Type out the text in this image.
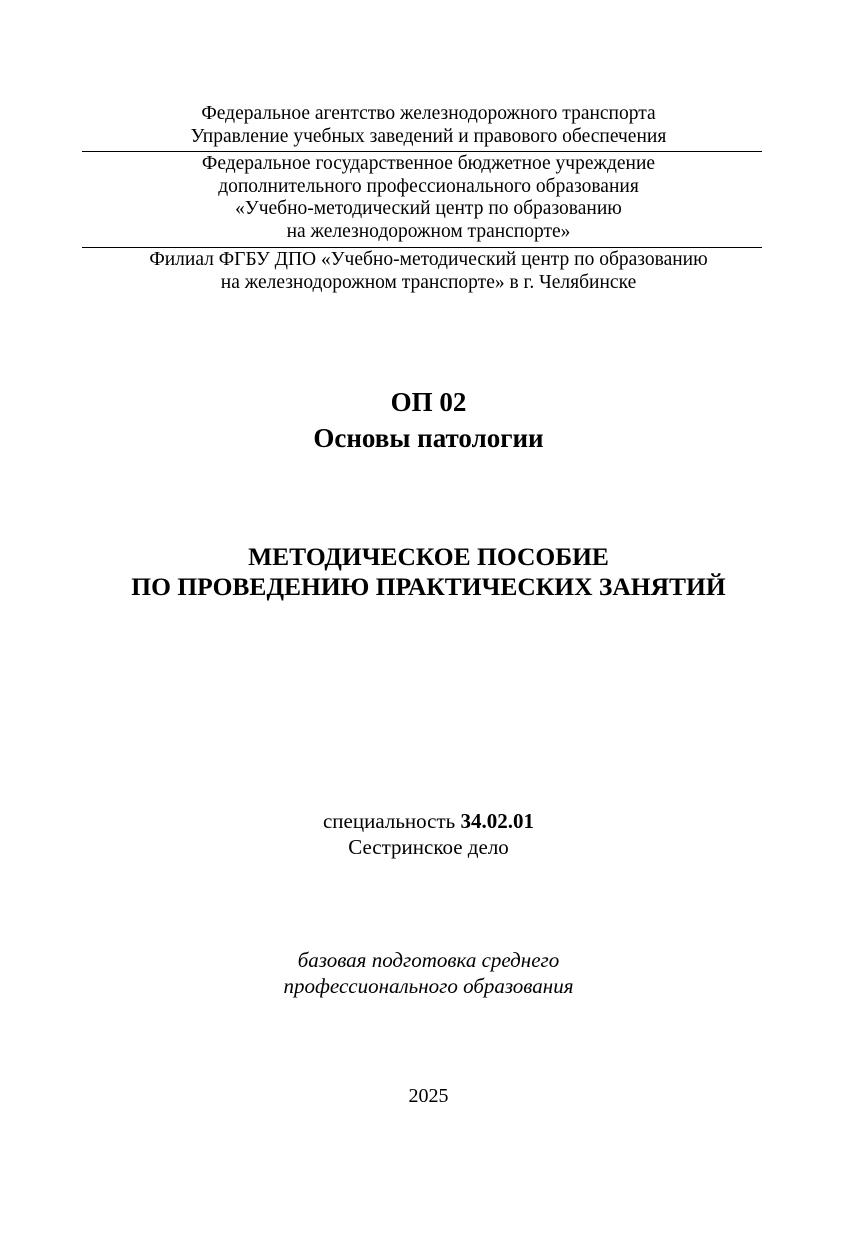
Федеральное агентство железнодорожного транспорта
Управление учебных заведений и правового обеспечения
Федеральное государственное бюджетное учреждение
дополнительного профессионального образования
«Учебно-методический центр по образованию
на железнодорожном транспорте»
Филиал ФГБУ ДПО «Учебно-методический центр по образованию
на железнодорожном транспорте» в г. Челябинске
ОП 02
Основы патологии
МЕТОДИЧЕСКОЕ ПОСОБИЕ
ПО ПРОВЕДЕНИЮ ПРАКТИЧЕСКИХ ЗАНЯТИЙ
специальность 34.02.01
Сестринское дело
базовая подготовка среднего
профессионального образования
2025
